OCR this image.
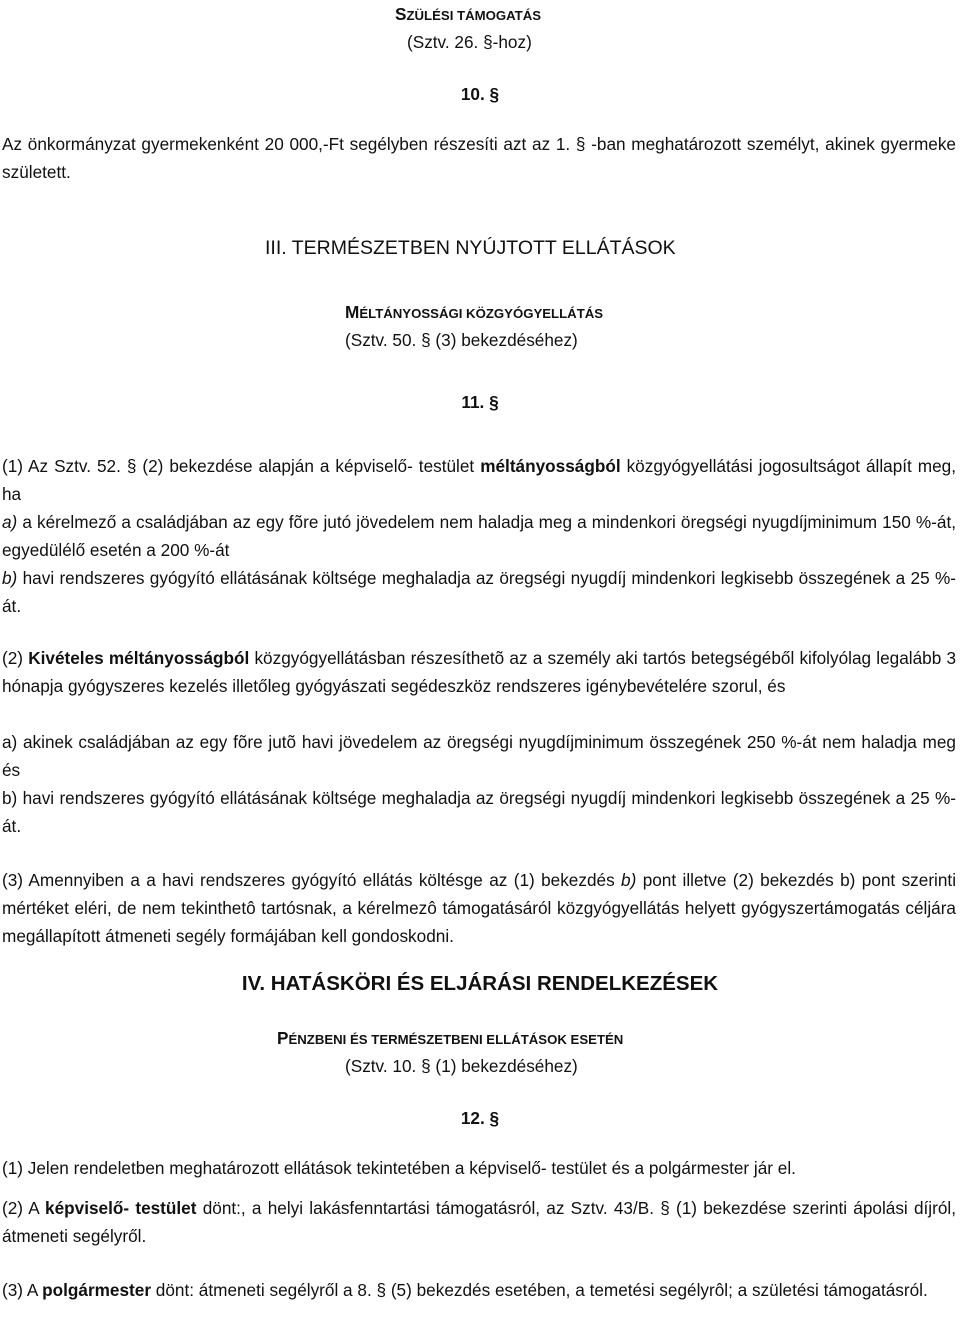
SZÜLÉSI TÁMOGATÁS
(Sztv. 26. §-hoz)
10. §
Az önkormányzat gyermekenként 20 000,-Ft segélyben részesíti azt az 1. § -ban meghatározott személyt, akinek gyermeke született.
III. TERMÉSZETBEN NYÚJTOTT ELLÁTÁSOK
MÉLTÁNYOSSÁGI KÖZGYÓGYELLÁTÁS
(Sztv. 50. § (3) bekezdéséhez)
11. §
(1) Az Sztv. 52. § (2) bekezdése alapján a képviselő- testület méltányosságból közgyógyellátási jogosultságot állapít meg, ha
a) a kérelmező a családjában az egy fõre jutó jövedelem nem haladja meg a mindenkori öregségi nyugdíjminimum 150 %-át, egyedülélő esetén a 200 %-át
b) havi rendszeres gyógyító ellátásának költsége meghaladja az öregségi nyugdíj mindenkori legkisebb összegének a 25 %-át.
(2) Kivételes méltányosságból közgyógyellátásban részesíthetõ az a személy aki tartós betegségéből kifolyólag legalább 3 hónapja gyógyszeres kezelés illetőleg gyógyászati segédeszköz rendszeres igénybevételére szorul, és
a) akinek családjában az egy fõre jutõ havi jövedelem az öregségi nyugdíjminimum összegének 250 %-át nem haladja meg és
b) havi rendszeres gyógyító ellátásának költsége meghaladja az öregségi nyugdíj mindenkori legkisebb összegének a 25 %-át.
(3) Amennyiben a a havi rendszeres gyógyító ellátás költésge az (1) bekezdés b) pont illetve (2) bekezdés b) pont szerinti mértéket eléri, de nem tekinthetô tartósnak, a kérelmezô támogatásáról közgyógyellátás helyett gyógyszertámogatás céljára megállapított átmeneti segély formájában kell gondoskodni.
IV. HATÁSKÖRI ÉS ELJÁRÁSI RENDELKEZÉSEK
PÉNZBENI ÉS TERMÉSZETBENI ELLÁTÁSOK ESETÉN
(Sztv. 10. § (1) bekezdéséhez)
12. §
(1) Jelen rendeletben meghatározott ellátások tekintetében a képviselő- testület és a polgármester jár el.
(2) A képviselő- testület dönt:, a helyi lakásfenntartási támogatásról, az Sztv. 43/B. § (1) bekezdése szerinti ápolási díjról, átmeneti segélyről.
(3) A polgármester dönt: átmeneti segélyről a 8. § (5) bekezdés esetében, a temetési segélyrôl; a születési támogatásról.
